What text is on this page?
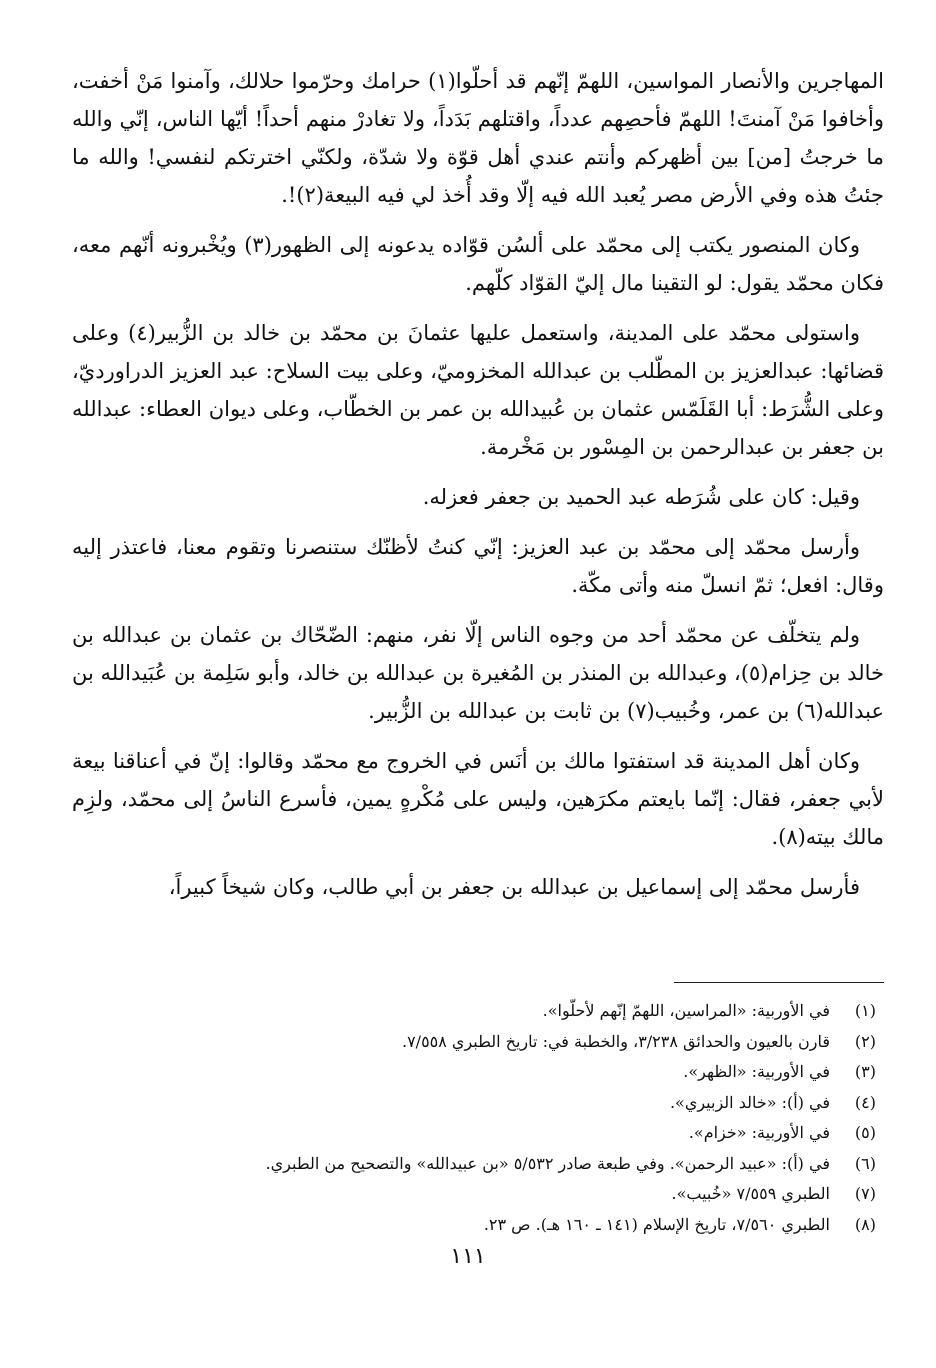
المهاجرين والأنصار المواسين، اللهمّ إنّهم قد أحلّوا(١) حرامك وحرّموا حلالك، وآمنوا مَنْ أخفت، وأخافوا مَنْ آمنتَ! اللهمّ فأحصِهم عدداً، واقتلهم بَدَداً، ولا تغادرْ منهم أحداً! أيّها الناس، إنّي والله ما خرجتُ [من] بين أظهركم وأنتم عندي أهل قوّة ولا شدّة، ولكنّي اخترتكم لنفسي! والله ما جئتُ هذه وفي الأرض مصر يُعبد الله فيه إلّا وقد أُخذ لي فيه البيعة(٢)!.

وكان المنصور يكتب إلى محمّد على ألسُن قوّاده يدعونه إلى الظهور(٣) ويُخْبرونه أنّهم معه، فكان محمّد يقول: لو التقينا مال إليّ القوّاد كلّهم.

واستولى محمّد على المدينة، واستعمل عليها عثمانَ بن محمّد بن خالد بن الزُّبير(٤) وعلى قضائها: عبدالعزيز بن المطّلب بن عبدالله المخزوميّ، وعلى بيت السلاح: عبد العزيز الدراورديّ، وعلى الشُّرَط: أبا القَلَمّس عثمان بن عُبيدالله بن عمر بن الخطّاب، وعلى ديوان العطاء: عبدالله بن جعفر بن عبدالرحمن بن المِسْور بن مَخْرمة.

وقيل: كان على شُرَطه عبد الحميد بن جعفر فعزله.

وأرسل محمّد إلى محمّد بن عبد العزيز: إنّي كنتُ لأظنّك ستنصرنا وتقوم معنا، فاعتذر إليه وقال: افعل؛ ثمّ انسلّ منه وأتى مكّة.

ولم يتخلّف عن محمّد أحد من وجوه الناس إلّا نفر، منهم: الضّحّاك بن عثمان بن عبدالله بن خالد بن حِزام(٥)، وعبدالله بن المنذر بن المُغيرة بن عبدالله بن خالد، وأبو سَلِمة بن عُبَيدالله بن عبدالله(٦) بن عمر، وخُبيب(٧) بن ثابت بن عبدالله بن الزُّبير.

وكان أهل المدينة قد استفتوا مالك بن أنَس في الخروج مع محمّد وقالوا: إنّ في أعناقنا بيعة لأبي جعفر، فقال: إنّما بايعتم مكرَهين، وليس على مُكْرهٍ يمين، فأسرع الناسُ إلى محمّد، ولزِم مالك بيته(٨).

فأرسل محمّد إلى إسماعيل بن عبدالله بن جعفر بن أبي طالب، وكان شيخاً كبيراً،

(١)
في الأوربية: «المراسين، اللهمّ إنّهم لأحلّوا».
(٢)
قارن بالعيون والحدائق ٣/٢٣٨، والخطبة في: تاريخ الطبري ٧/٥٥٨.
(٣)
في الأوربية: «الظهر».
(٤)
في (أ): «خالد الزبيري».
(٥)
في الأوربية: «خزام».
(٦)
في (أ): «عبيد الرحمن». وفي طبعة صادر ٥/٥٣٢ «بن عبيدالله» والتصحيح من الطبري.
(٧)
الطبري ٧/٥٥٩ «خُبيب».
(٨)
الطبري ٧/٥٦٠، تاريخ الإسلام (١٤١ ـ ١٦٠ هـ). ص ٢٣.
١١١
